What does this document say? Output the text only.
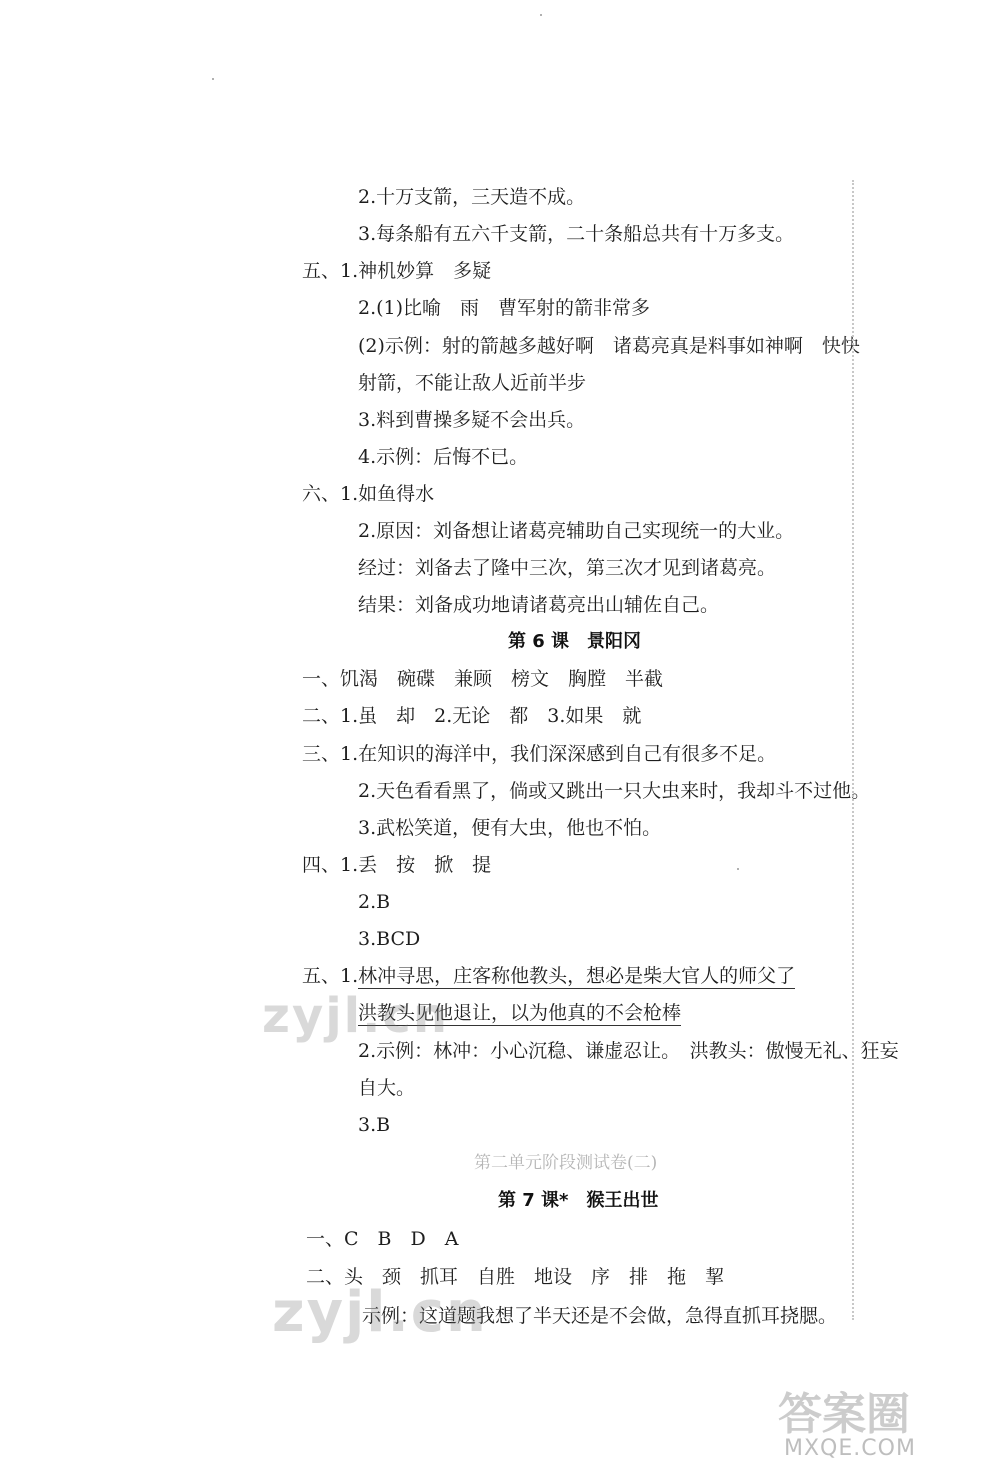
2.十万支箭，三天造不成。
3.每条船有五六千支箭，二十条船总共有十万多支。
五、1.神机妙算　多疑
2.(1)比喻　雨　曹军射的箭非常多
(2)示例：射的箭越多越好啊　诸葛亮真是料事如神啊　快快
射箭，不能让敌人近前半步
3.料到曹操多疑不会出兵。
4.示例：后悔不已。
六、1.如鱼得水
2.原因：刘备想让诸葛亮辅助自己实现统一的大业。
经过：刘备去了隆中三次，第三次才见到诸葛亮。
结果：刘备成功地请诸葛亮出山辅佐自己。
第 6 课　景阳冈
一、饥渴　碗碟　兼顾　榜文　胸膛　半截
二、1.虽　却　2.无论　都　3.如果　就
三、1.在知识的海洋中，我们深深感到自己有很多不足。
2.天色看看黑了，倘或又跳出一只大虫来时，我却斗不过他。
3.武松笑道，便有大虫，他也不怕。
四、1.丢　按　掀　提
2.B
3.BCD
五、1.林冲寻思，庄客称他教头，想必是柴大官人的师父了
洪教头见他退让，以为他真的不会枪棒
2.示例：林冲：小心沉稳、谦虚忍让。　洪教头：傲慢无礼、狂妄
自大。
3.B
第二单元阶段测试卷(二)
第 7 课*　猴王出世
一、C　B　D　A
二、头　颈　抓耳　自胜　地设　序　排　拖　挈
示例：这道题我想了半天还是不会做，急得直抓耳挠腮。
zyjl.cn
zyjl.cn
答案圈
MXQE.COM
